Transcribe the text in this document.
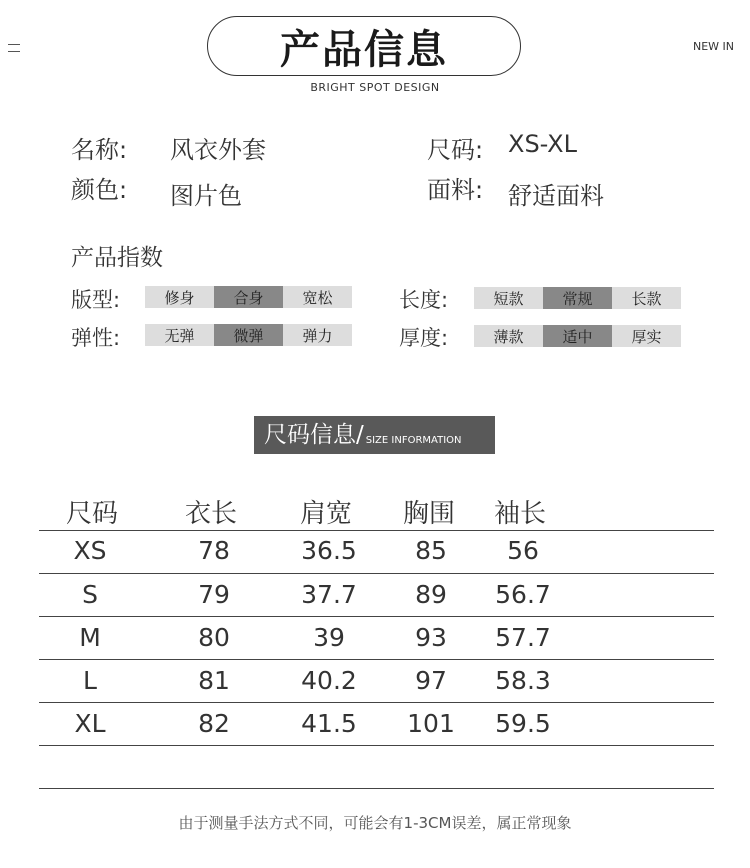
产品信息
BRIGHT SPOT DESIGN
NEW IN
名称: 风衣外套
颜色: 图片色
尺码: XS-XL
面料: 舒适面料
产品指数
版型:	修身	合身	宽松
弹性:	无弹	微弹	弹力
长度:	短款	常规	长款
厚度:	薄款	适中	厚实
尺码信息/ SIZE INFORMATION
尺码	衣长 肩宽 胸围 袖长
XS	78	36.5	85	56
S	79	37.7	89	56.7
M	80	39	93	57.7
L	81	40.2	97	58.3
XL	82	41.5	101	59.5
由于测量手法方式不同，可能会有1-3CM误差，属正常现象
